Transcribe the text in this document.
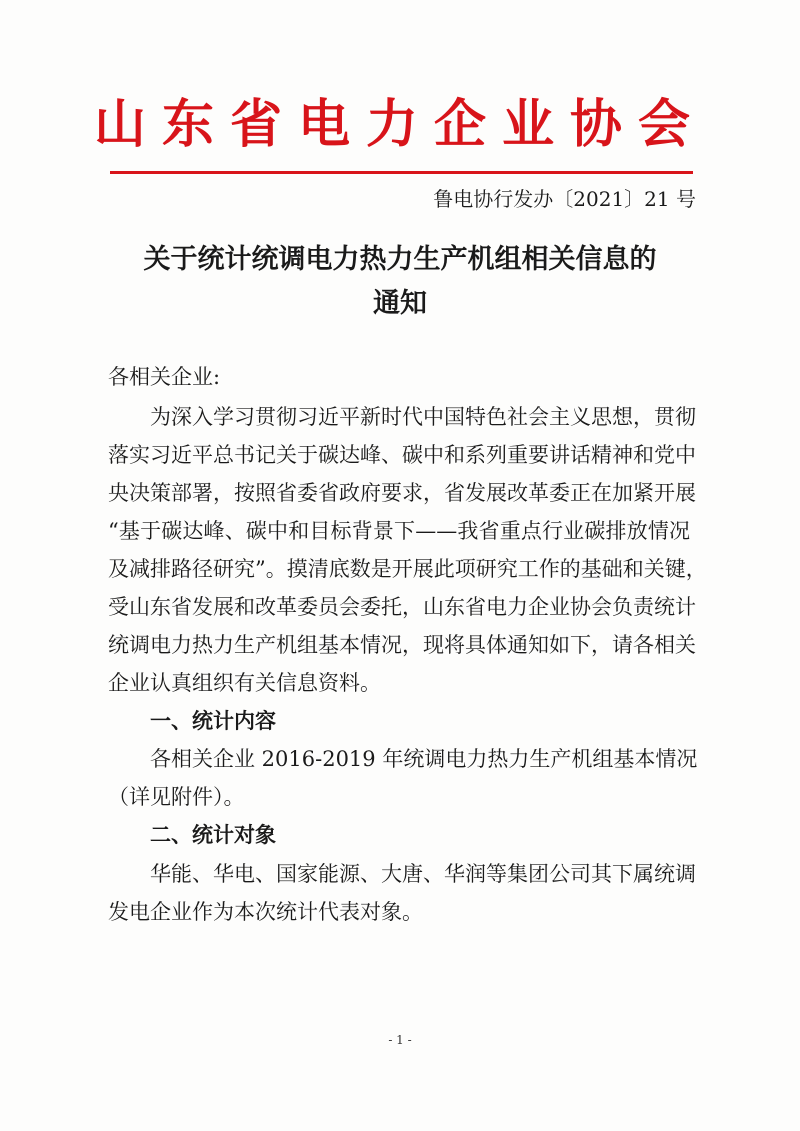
山东省电力企业协会
鲁电协行发办〔2021〕21 号
关于统计统调电力热力生产机组相关信息的
通知
各相关企业:
为深入学习贯彻习近平新时代中国特色社会主义思想，贯彻
落实习近平总书记关于碳达峰、碳中和系列重要讲话精神和党中
央决策部署，按照省委省政府要求，省发展改革委正在加紧开展
“基于碳达峰、碳中和目标背景下——我省重点行业碳排放情况
及减排路径研究”。摸清底数是开展此项研究工作的基础和关键，
受山东省发展和改革委员会委托，山东省电力企业协会负责统计
统调电力热力生产机组基本情况，现将具体通知如下，请各相关
企业认真组织有关信息资料。
一、统计内容
各相关企业 2016-2019 年统调电力热力生产机组基本情况
（详见附件）。
二、统计对象
华能、华电、国家能源、大唐、华润等集团公司其下属统调
发电企业作为本次统计代表对象。
- 1 -
